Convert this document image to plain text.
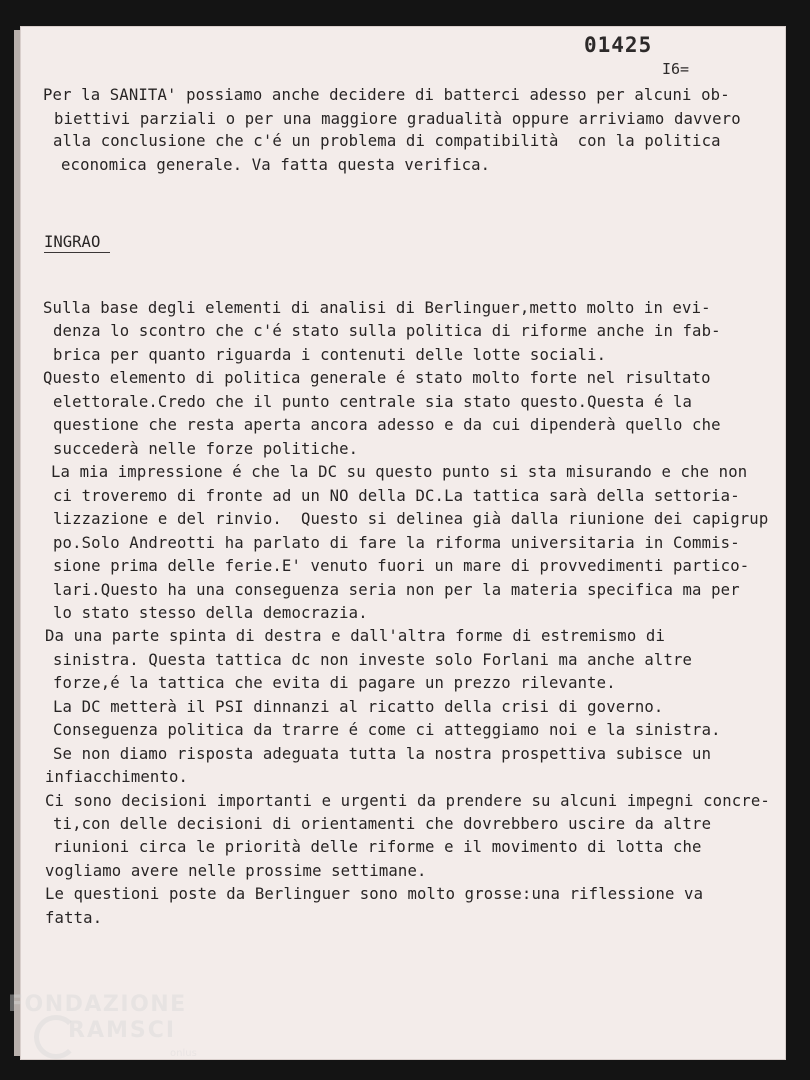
01425
I6=
Per la SANITA' possiamo anche decidere di batterci adesso per alcuni ob-
biettivi parziali o per una maggiore gradualità oppure arriviamo davvero
alla conclusione che c'é un problema di compatibilità  con la politica
economica generale. Va fatta questa verifica.
INGRAO
Sulla base degli elementi di analisi di Berlinguer,metto molto in evi-
denza lo scontro che c'é stato sulla politica di riforme anche in fab-
brica per quanto riguarda i contenuti delle lotte sociali.
Questo elemento di politica generale é stato molto forte nel risultato
elettorale.Credo che il punto centrale sia stato questo.Questa é la
questione che resta aperta ancora adesso e da cui dipenderà quello che
succederà nelle forze politiche.
La mia impressione é che la DC su questo punto si sta misurando e che non
ci troveremo di fronte ad un NO della DC.La tattica sarà della settoria-
lizzazione e del rinvio.  Questo si delinea già dalla riunione dei capigrup
po.Solo Andreotti ha parlato di fare la riforma universitaria in Commis-
sione prima delle ferie.E' venuto fuori un mare di provvedimenti partico-
lari.Questo ha una conseguenza seria non per la materia specifica ma per
lo stato stesso della democrazia.
Da una parte spinta di destra e dall'altra forme di estremismo di
sinistra. Questa tattica dc non investe solo Forlani ma anche altre
forze,é la tattica che evita di pagare un prezzo rilevante.
La DC metterà il PSI dinnanzi al ricatto della crisi di governo.
Conseguenza politica da trarre é come ci atteggiamo noi e la sinistra.
Se non diamo risposta adeguata tutta la nostra prospettiva subisce un
infiacchimento.
Ci sono decisioni importanti e urgenti da prendere su alcuni impegni concre-
ti,con delle decisioni di orientamenti che dovrebbero uscire da altre
riunioni circa le priorità delle riforme e il movimento di lotta che
vogliamo avere nelle prossime settimane.
Le questioni poste da Berlinguer sono molto grosse:una riflessione va
fatta.
FONDAZIONE
RAMSCI
onlus
